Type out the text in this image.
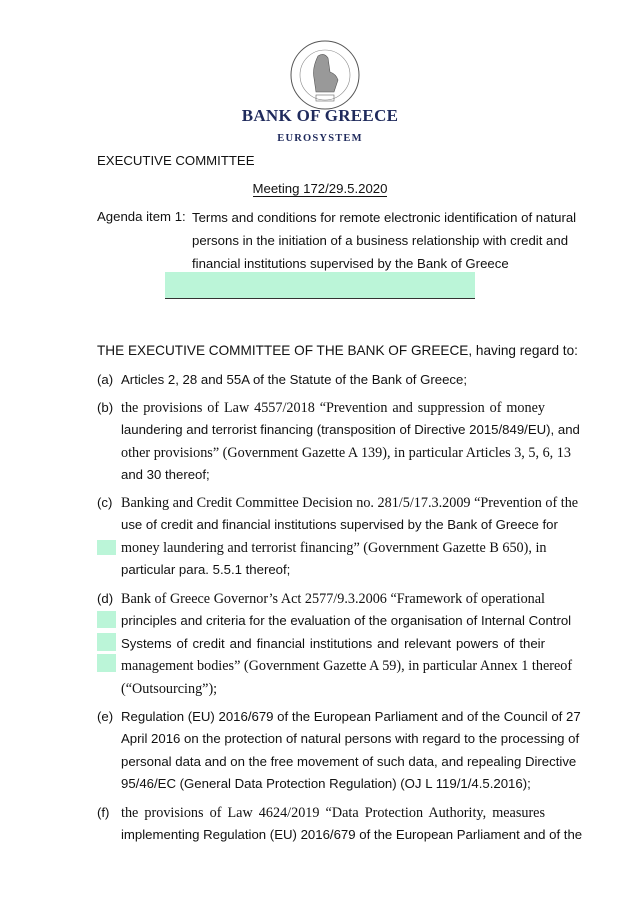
BANK OF GREECE
EUROSYSTEM
EXECUTIVE COMMITTEE
Meeting 172/29.5.2020
Agenda item 1: Terms and conditions for remote electronic identification of natural
persons in the initiation of a business relationship with credit and
financial institutions supervised by the Bank of Greece
THE EXECUTIVE COMMITTEE OF THE BANK OF GREECE, having regard to:
(a) Articles 2, 28 and 55A of the Statute of the Bank of Greece;
(b) the provisions of Law 4557/2018 “Prevention and suppression of money
laundering and terrorist financing (transposition of Directive 2015/849/EU), and
other provisions” (Government Gazette A 139), in particular Articles 3, 5, 6, 13
and 30 thereof;
(c) Banking and Credit Committee Decision no. 281/5/17.3.2009 “Prevention of the
use of credit and financial institutions supervised by the Bank of Greece for
money laundering and terrorist financing” (Government Gazette B 650), in
particular para. 5.5.1 thereof;
(d) Bank of Greece Governor’s Act 2577/9.3.2006 “Framework of operational
principles and criteria for the evaluation of the organisation of Internal Control
Systems of credit and financial institutions and relevant powers of their
management bodies” (Government Gazette A 59), in particular Annex 1 thereof
(“Outsourcing”);
(e) Regulation (EU) 2016/679 of the European Parliament and of the Council of 27
April 2016 on the protection of natural persons with regard to the processing of
personal data and on the free movement of such data, and repealing Directive
95/46/EC (General Data Protection Regulation) (OJ L 119/1/4.5.2016);
(f) the provisions of Law 4624/2019 “Data Protection Authority, measures
implementing Regulation (EU) 2016/679 of the European Parliament and of the
